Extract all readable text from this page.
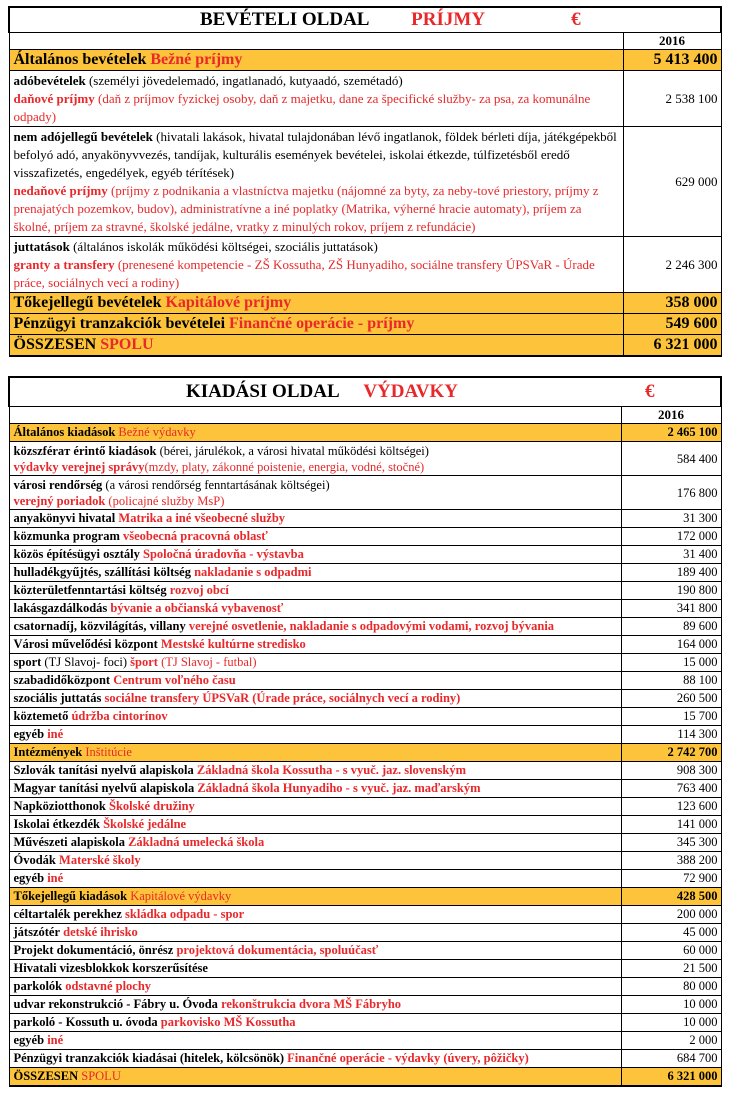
BEVÉTELI OLDAL PRÍJMY €	
	2016
Általános bevételek Bežné príjmy	5 413 400
adóbevételek (személyi jövedelemadó, ingatlanadó, kutyaadó, szemétadó)
daňové príjmy (daň z príjmov fyzickej osoby, daň z majetku, dane za špecifické služby- za psa, za komunálne odpady)	2 538 100
nem adójellegű bevételek (hivatali lakások, hivatal tulajdonában lévő ingatlanok, földek bérleti díja, játékgépekből befolyó adó, anyakönyvvezés, tandíjak, kulturális események bevételei, iskolai étkezde, túlfizetésből eredő visszafizetés, engedélyek, egyéb térítések)
nedaňové príjmy (príjmy z podnikania a vlastníctva majetku (nájomné za byty, za neby-tové priestory, príjmy z prenajatých pozemkov, budov), administratívne a iné poplatky (Matrika, výherné hracie automaty), príjem za školné, príjem za stravné, školské jedálne, vratky z minulých rokov, príjem z refundácie)	629 000
juttatások (általános iskolák működési költségei, szociális juttatások)
granty a transfery (prenesené kompetencie - ZŠ Kossutha, ZŠ Hunyadiho, sociálne transfery ÚPSVaR - Úrade práce, sociálnych vecí a rodiny)	2 246 300
Tőkejellegű bevételek Kapitálové príjmy	358 000
Pénzügyi tranzakciók bevételei Finančné operácie - príjmy	549 600
ÖSSZESEN SPOLU	6 321 000
KIADÁSI OLDAL VÝDAVKY	€
	2016
Általános kiadások Bežné výdavky	2 465 100
közszféraт érintő kiadások (bérei, járulékok, a városi hivatal működési költségei)
výdavky verejnej správy(mzdy, platy, zákonné poistenie, energia, vodné, stočné)	584 400
városi rendőrség (a városi rendőrség fenntartásának költségei)
verejný poriadok (policajné služby MsP)	176 800
anyakönyvi hivatal Matrika a iné všeobecné služby	31 300
közmunka program všeobecná pracovná oblasť	172 000
közös építésügyi osztály Spoločná úradovňa - výstavba	31 400
hulladékgyűjtés, szállítási költség nakladanie s odpadmi	189 400
közterületfenntartási költség rozvoj obcí	190 800
lakásgazdálkodás bývanie a občianská vybavenosť	341 800
csatornadíj, közvilágítás, villany verejné osvetlenie, nakladanie s odpadovými vodami, rozvoj bývania	89 600
Városi művelődési központ Mestské kultúrne stredisko	164 000
sport (TJ Slavoj- foci) šport (TJ Slavoj - futbal)	15 000
szabadidőközpont Centrum voľného času	88 100
szociális juttatás sociálne transfery ÚPSVaR (Úrade práce, sociálnych vecí a rodiny)	260 500
köztemető údržba cintorínov	15 700
egyéb iné	114 300
Intézmények Inštitúcie	2 742 700
Szlovák tanítási nyelvű alapiskola Základná škola Kossutha - s vyuč. jaz. slovenským	908 300
Magyar tanítási nyelvű alapiskola Základná škola Hunyadiho - s vyuč. jaz. maďarským	763 400
Napköziotthonok Školské družiny	123 600
Iskolai étkezdék Školské jedálne	141 000
Művészeti alapiskola Základná umelecká škola	345 300
Óvodák Materské školy	388 200
egyéb iné	72 900
Tőkejellegű kiadások Kapitálové výdavky	428 500
céltartalék perekhez skládka odpadu - spor	200 000
játszótér detské ihrisko	45 000
Projekt dokumentáció, önrész projektová dokumentácia, spoluúčasť	60 000
Hivatali vizesblokkok korszerűsítése	21 500
parkolók odstavné plochy	80 000
udvar rekonstrukció - Fábry u. Óvoda rekonštrukcia dvora MŠ Fábryho	10 000
parkoló - Kossuth u. óvoda parkovisko MŠ Kossutha	10 000
egyéb iné	2 000
Pénzügyi tranzakciók kiadásai (hitelek, kölcsönök) Finančné operácie - výdavky (úvery, pôžičky)	684 700
ÖSSZESEN SPOLU	6 321 000
